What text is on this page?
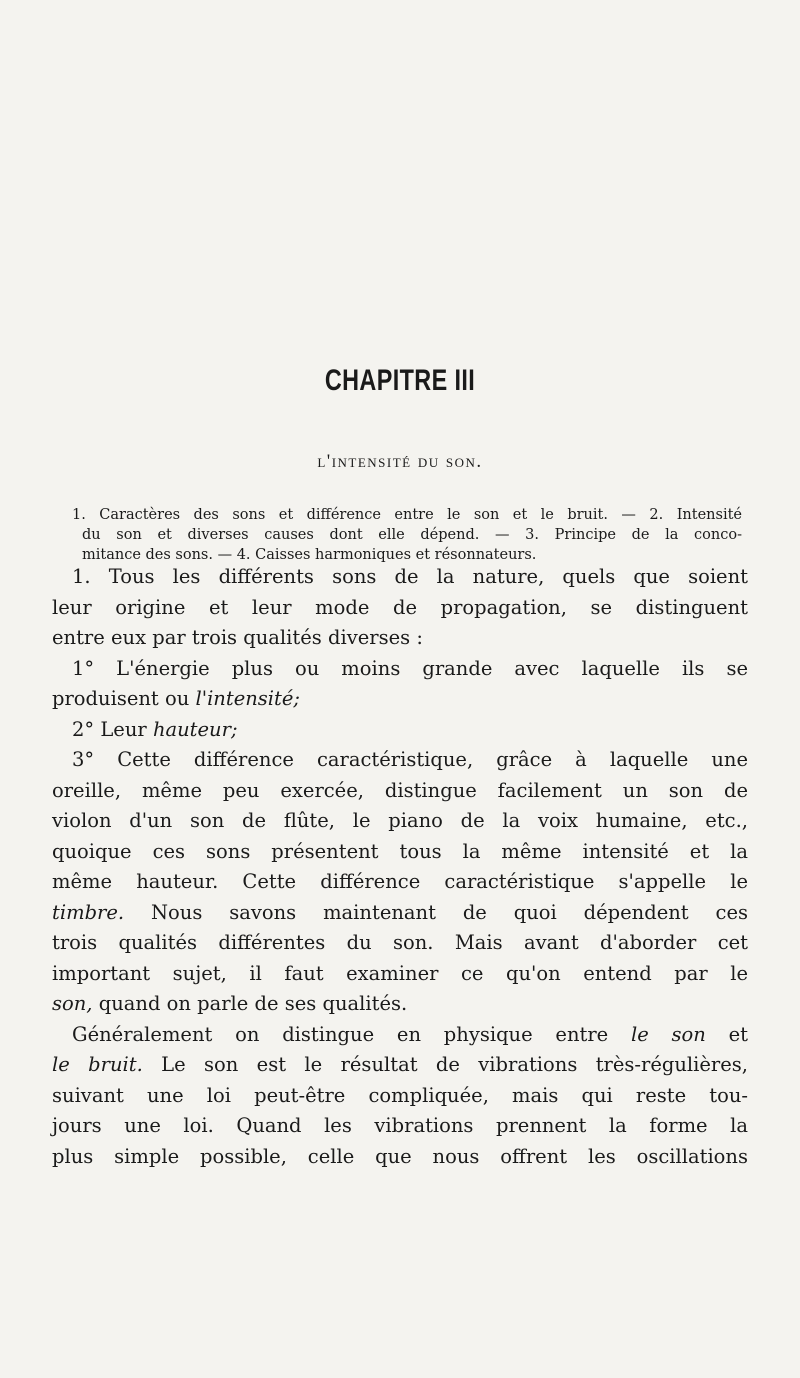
CHAPITRE III
l'intensité du son.
1. Caractères des sons et différence entre le son et le bruit. — 2. Intensité
du son et diverses causes dont elle dépend. — 3. Principe de la conco-
mitance des sons. — 4. Caisses harmoniques et résonnateurs.
1. Tous les différents sons de la nature, quels que soient
leur origine et leur mode de propagation, se distinguent
entre eux par trois qualités diverses :
1° L'énergie plus ou moins grande avec laquelle ils se
produisent ou l'intensité;
2° Leur hauteur;
3° Cette différence caractéristique, grâce à laquelle une
oreille, même peu exercée, distingue facilement un son de
violon d'un son de flûte, le piano de la voix humaine, etc.,
quoique ces sons présentent tous la même intensité et la
même hauteur. Cette différence caractéristique s'appelle le
timbre. Nous savons maintenant de quoi dépendent ces
trois qualités différentes du son. Mais avant d'aborder cet
important sujet, il faut examiner ce qu'on entend par le
son, quand on parle de ses qualités.
Généralement on distingue en physique entre le son et
le bruit. Le son est le résultat de vibrations très-régulières,
suivant une loi peut-être compliquée, mais qui reste tou-
jours une loi. Quand les vibrations prennent la forme la
plus simple possible, celle que nous offrent les oscillations
